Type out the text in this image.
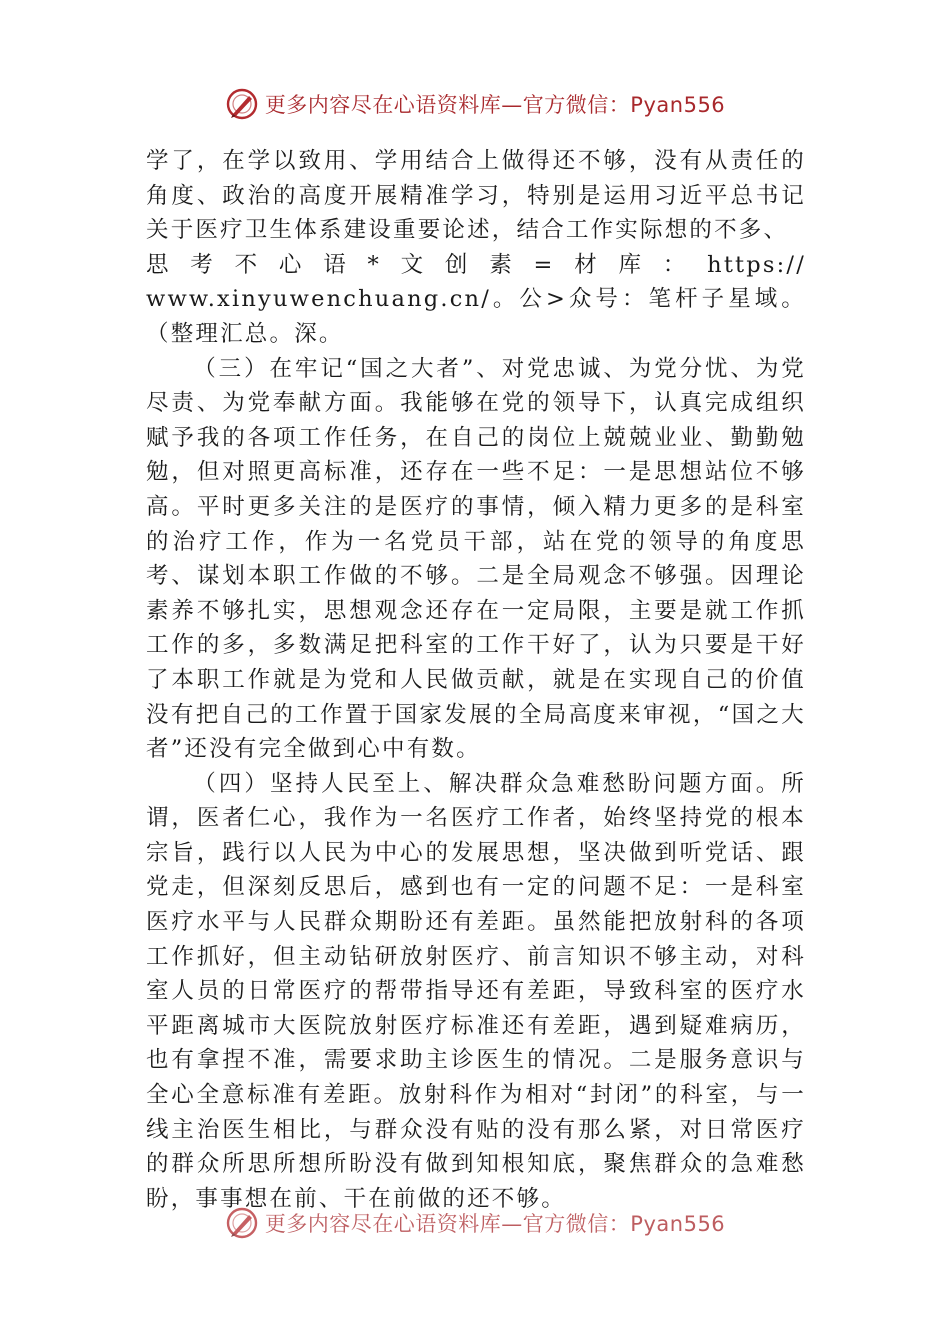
更多内容尽在心语资料库—官方微信：Pyan556

学了，在学以致用、学用结合上做得还不够，没有从责任的角度、政治的高度开展精准学习，特别是运用习近平总书记关于医疗卫生体系建设重要论述，结合工作实际想的不多、
思考不心语*文创素=材库：https://
www.xinyuwenchuang.cn/。公>众号：笔杆子星域。（整理汇总。深。

（三）在牢记“国之大者”、对党忠诚、为党分忧、为党尽责、为党奉献方面。我能够在党的领导下，认真完成组织赋予我的各项工作任务，在自己的岗位上兢兢业业、勤勤勉勉，但对照更高标准，还存在一些不足：一是思想站位不够高。平时更多关注的是医疗的事情，倾入精力更多的是科室的治疗工作，作为一名党员干部，站在党的领导的角度思考、谋划本职工作做的不够。二是全局观念不够强。因理论素养不够扎实，思想观念还存在一定局限，主要是就工作抓工作的多，多数满足把科室的工作干好了，认为只要是干好了本职工作就是为党和人民做贡献，就是在实现自己的价值没有把自己的工作置于国家发展的全局高度来审视，“国之大者”还没有完全做到心中有数。

（四）坚持人民至上、解决群众急难愁盼问题方面。所谓，医者仁心，我作为一名医疗工作者，始终坚持党的根本宗旨，践行以人民为中心的发展思想，坚决做到听党话、跟党走，但深刻反思后，感到也有一定的问题不足：一是科室医疗水平与人民群众期盼还有差距。虽然能把放射科的各项工作抓好，但主动钻研放射医疗、前言知识不够主动，对科室人员的日常医疗的帮带指导还有差距，导致科室的医疗水平距离城市大医院放射医疗标准还有差距，遇到疑难病历，也有拿捏不准，需要求助主诊医生的情况。二是服务意识与全心全意标准有差距。放射科作为相对“封闭”的科室，与一线主治医生相比，与群众没有贴的没有那么紧，对日常医疗的群众所思所想所盼没有做到知根知底，聚焦群众的急难愁盼，事事想在前、干在前做的还不够。

更多内容尽在心语资料库—官方微信：Pyan556
